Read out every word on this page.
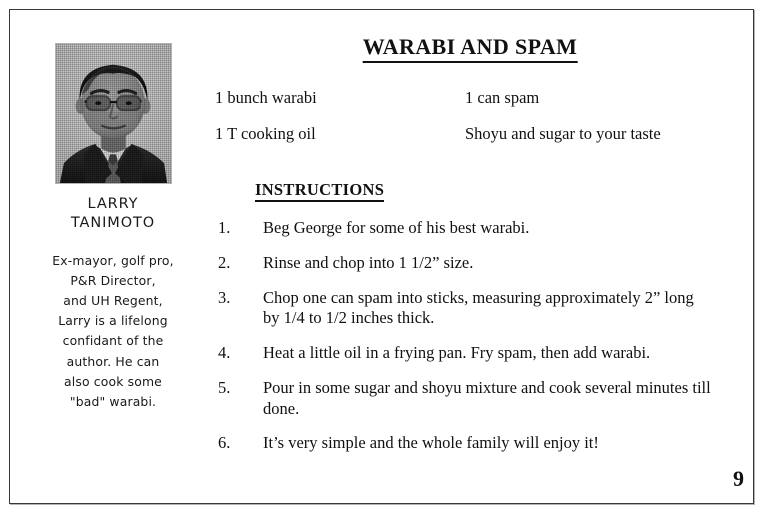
LARRY
TANIMOTO
Ex-mayor, golf pro,
P&R Director,
and UH Regent,
Larry is a lifelong
confidant of the
author. He can
also cook some
"bad" warabi.
WARABI AND SPAM
1 bunch warabi	1 can spam
1 T cooking oil	Shoyu and sugar to your taste
INSTRUCTIONS
1.	Beg George for some of his best warabi.
2.	Rinse and chop into 1 1/2” size.
3.	Chop one can spam into sticks, measuring approximately 2” long by 1/4 to 1/2 inches thick.
4.	Heat a little oil in a frying pan. Fry spam, then add warabi.
5.	Pour in some sugar and shoyu mixture and cook several minutes till done.
6.	It’s very simple and the whole family will enjoy it!
9
